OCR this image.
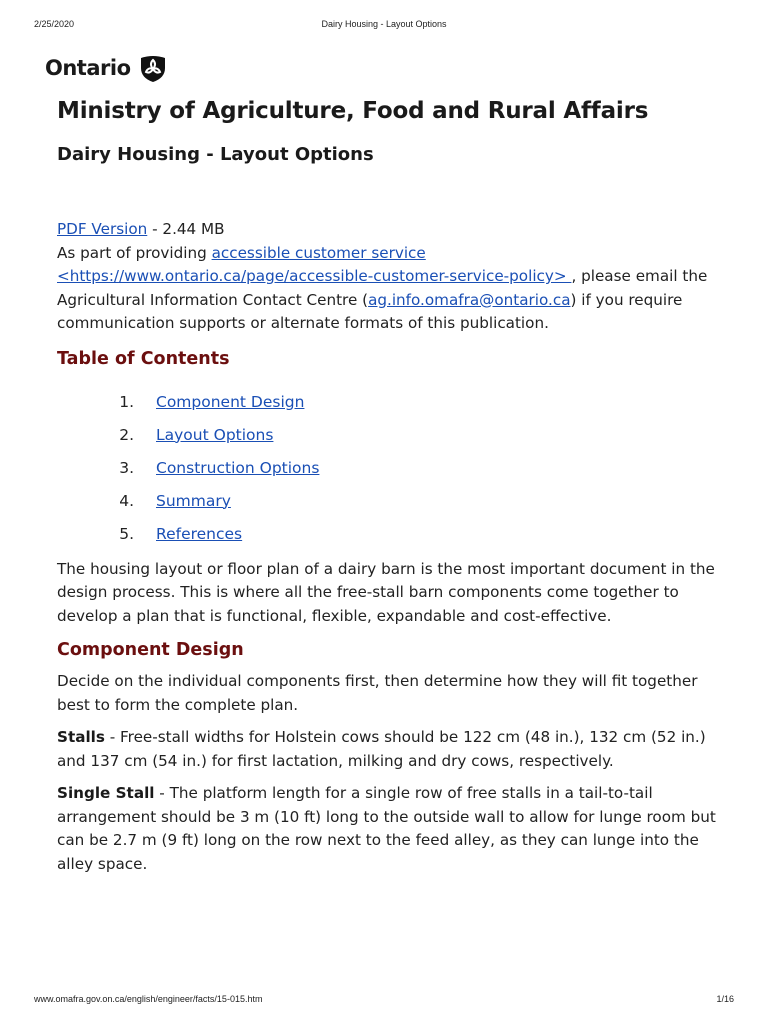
2/25/2020	Dairy Housing - Layout Options
Ontario
Ministry of Agriculture, Food and Rural Affairs
Dairy Housing - Layout Options

PDF Version - 2.44 MB

As part of providing accessible customer service
<https://www.ontario.ca/page/accessible-customer-service-policy> , please email the Agricultural Information Contact Centre (ag.info.omafra@ontario.ca) if you require communication supports or alternate formats of this publication.

Table of Contents
1. Component Design
2. Layout Options
3. Construction Options
4. Summary
5. References

The housing layout or floor plan of a dairy barn is the most important document in the design process. This is where all the free-stall barn components come together to develop a plan that is functional, flexible, expandable and cost-effective.

Component Design

Decide on the individual components first, then determine how they will fit together best to form the complete plan.

Stalls - Free-stall widths for Holstein cows should be 122 cm (48 in.), 132 cm (52 in.) and 137 cm (54 in.) for first lactation, milking and dry cows, respectively.

Single Stall - The platform length for a single row of free stalls in a tail-to-tail arrangement should be 3 m (10 ft) long to the outside wall to allow for lunge room but can be 2.7 m (9 ft) long on the row next to the feed alley, as they can lunge into the alley space.

www.omafra.gov.on.ca/english/engineer/facts/15-015.htm	1/16
